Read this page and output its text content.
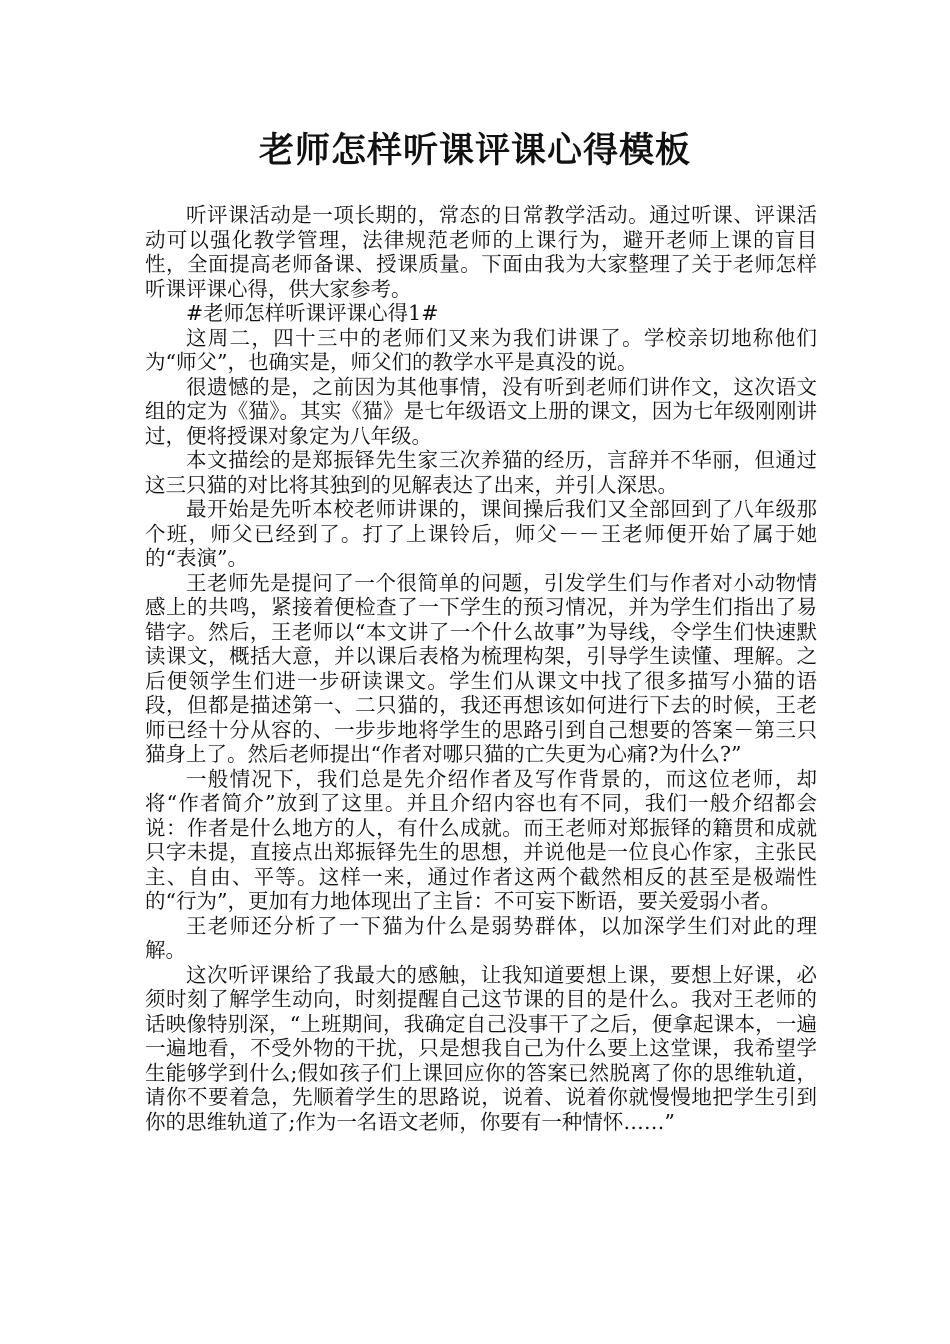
老师怎样听课评课心得模板

听评课活动是一项长期的，常态的日常教学活动。通过听课、评课活动可以强化教学管理，法律规范老师的上课行为，避开老师上课的盲目性，全面提高老师备课、授课质量。下面由我为大家整理了关于老师怎样听课评课心得，供大家参考。

#老师怎样听课评课心得1#

这周二，四十三中的老师们又来为我们讲课了。学校亲切地称他们为“师父”，也确实是，师父们的教学水平是真没的说。

很遗憾的是，之前因为其他事情，没有听到老师们讲作文，这次语文组的定为《猫》。其实《猫》是七年级语文上册的课文，因为七年级刚刚讲过，便将授课对象定为八年级。

本文描绘的是郑振铎先生家三次养猫的经历，言辞并不华丽，但通过这三只猫的对比将其独到的见解表达了出来，并引人深思。

最开始是先听本校老师讲课的，课间操后我们又全部回到了八年级那个班，师父已经到了。打了上课铃后，师父－－王老师便开始了属于她的“表演”。

王老师先是提问了一个很简单的问题，引发学生们与作者对小动物情感上的共鸣，紧接着便检查了一下学生的预习情况，并为学生们指出了易错字。然后，王老师以“本文讲了一个什么故事”为导线，令学生们快速默读课文，概括大意，并以课后表格为梳理构架，引导学生读懂、理解。之后便领学生们进一步研读课文。学生们从课文中找了很多描写小猫的语段，但都是描述第一、二只猫的，我还再想该如何进行下去的时候，王老师已经十分从容的、一步步地将学生的思路引到自己想要的答案－第三只猫身上了。然后老师提出“作者对哪只猫的亡失更为心痛?为什么?”

一般情况下，我们总是先介绍作者及写作背景的，而这位老师，却将“作者简介”放到了这里。并且介绍内容也有不同，我们一般介绍都会说：作者是什么地方的人，有什么成就。而王老师对郑振铎的籍贯和成就只字未提，直接点出郑振铎先生的思想，并说他是一位良心作家，主张民主、自由、平等。这样一来，通过作者这两个截然相反的甚至是极端性的“行为”，更加有力地体现出了主旨：不可妄下断语，要关爱弱小者。

王老师还分析了一下猫为什么是弱势群体，以加深学生们对此的理解。

这次听评课给了我最大的感触，让我知道要想上课，要想上好课，必须时刻了解学生动向，时刻提醒自己这节课的目的是什么。我对王老师的话映像特别深，“上班期间，我确定自己没事干了之后，便拿起课本，一遍一遍地看，不受外物的干扰，只是想我自己为什么要上这堂课，我希望学生能够学到什么;假如孩子们上课回应你的答案已然脱离了你的思维轨道，请你不要着急，先顺着学生的思路说，说着、说着你就慢慢地把学生引到你的思维轨道了;作为一名语文老师，你要有一种情怀……”
